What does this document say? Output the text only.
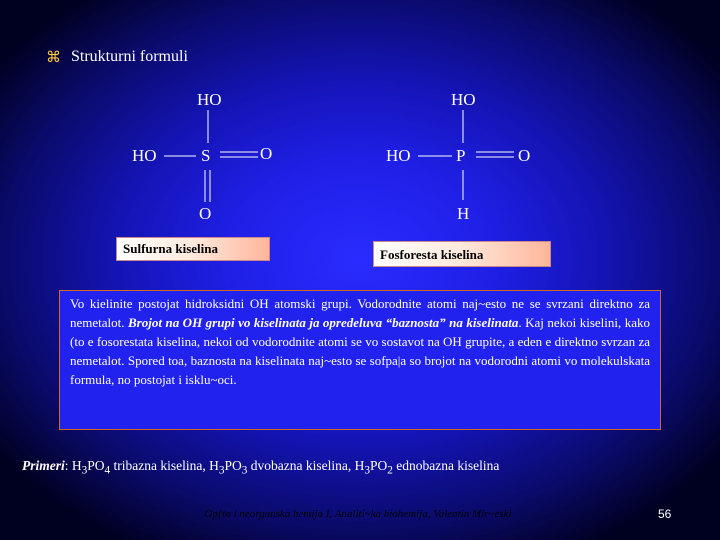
⌘ Strukturni formuli
HO
HO	S	O
O
Sulfurna kiselina
HO
HO	P	O
H
Fosforesta kiselina
Vo kielinite postojat hidroksidni OH atomski grupi. Vodorodnite atomi naj~esto ne se svrzani direktno za nemetalot. Brojot na OH grupi vo kiselinata ja opredeluva “baznosta” na kiselinata. Kaj nekoi kiselini, kako (to e fosorestata kiselina, nekoi od vodorodnite atomi se vo sostavot na OH grupite, a eden e direktno svrzan za nemetalot. Spored toa, baznosta na kiselinata naj~esto se sofpa|a so brojot na vodorodni atomi vo molekulskata formula, no postojat i isklu~oci.
Primeri: $H_3PO_4$ tribazna kiselina, $H_3PO_3$ dvobazna kiselina, $H_3PO_2$ ednobazna kiselina
Op{ta i neorganska hemija I, Analiti~ka biohemija, Valentin Mir~eski	56
